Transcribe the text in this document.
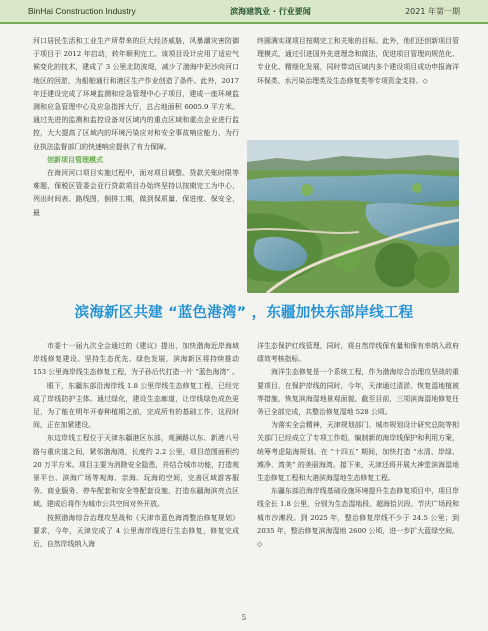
BinHai Construction Industry	滨海建筑业 · 行业要闻	2021 年第一期

河口居民生活和工业生产所带来的巨大经济威胁，风暴潮灾害防御于项目于 2012 年启动，转年顺利完工。该项目设计应用了适应气候变化的技术，建成了 3 公里北防波堤，减少了渤海中泥沙向河口地区的回淤，为船舶通行和港区生产作业创造了条件。此外，2017 年还建设完成了环境监测和应急管理中心子项目，建成一座环境监测和应急管理中心及应急指挥大厅，总占地面积 6005.9 平方米。通过先进的监测和监控设备对区域内的重点区域和重点企业进行监控，大大提高了区域内的环境污染应对和安全事故响应能力，为行业执法监督部门的快速响应提供了有力保障。

创新项目管理模式

在海河河口项目实施过程中，面对项目调整、贷款关账时限等难题，保税区管委会亚行贷款项目办始终坚持以按期完工为中心，列出时间表、路线图，倒排工期，做到保质量、保进度、保安全，最

终圆满实现项目按期完工和关账的目标。此外，他们还创新项目管理模式，通过引进国外先进理念和做法，促进项目管理向规范化、专业化、精细化发展，同时带动区域内多个建设项目成功申报海洋环保类、水污染治理类及生态修复类等专项资金支持。◇

滨海新区共建 “蓝色港湾” ，东疆加快东部岸线工程

市委十一届九次全会通过的《建议》提出，加快渤海近岸海域岸线修复建设。坚持生态优先、绿色发展，滨海新区将持续推动 153 公里海岸线生态修复工程，为子孙后代打造一片 “蓝色海湾” 。

眼下，东疆东部沿海岸线 1.8 公里岸线生态修复工程，已经完成了岸线防护主体。通过绿化，建设生态廊道，让岸线绿色成色更足，为了能在明年开春种植期之前，完成所有的基础工作，这段时间，正在加紧建设。

东边岸线工程位于天津东疆港区东部，观澜路以东、新港八号路与重庆道之间，紧邻渤海湾，长度约 2.2 公里，项目范围面积约 20 万平方米。项目主要为消除安全隐患，并结合城市功能，打造观景平台、滨海广场等观海、亲海、玩海的空间，完善区域游客服务、商业服务、停车配套和安全等配套设施，打造东疆海滨亮点区域。建成后将作为城市公共空间对外开放。

按照渤海综合治理攻坚战和《天津市蓝色海湾整治修复规划》要求，今年，天津完成了 4 公里海岸线进行生态修复，修复完成后，自然岸线纳入海

洋生态保护红线管理，同时，将自然岸线保有量和保有率纳入政府绩效考核指标。

海洋生态修复是一个系统工程，作为渤海综合治理攻坚战的重要项目，在保护岸线的同时，今年，天津通过清淤、恢复湿地植被等措施，恢复滨海湿地景观面貌。截至目前，三项滨海湿地修复任务已全部完成，共整治修复湿地 528 公顷。

为落实全会精神，天津规划部门、城市规划设计研究总院等相关部门已经成立了专项工作组，编制新的海岸线保护和利用方案，统筹考虑陆海规划。在 “十四五” 期间，加快打造 “水清、岸绿、滩净、湾美” 的美丽海湾。接下来，天津还将开展大神堂滨海湿地生态修复工程和大港滨海湿地生态修复工程。

东疆东部沿海岸线基础设施环境提升生态修复项目中，项目岸线全长 1.8 公里，分别为生态湿地段、超海拾贝段、节庆广场段和城市沙滩段。到 2025 年，整治修复岸线不少于 24.5 公里；到 2035 年，整治修复滨海湿地 2600 公顷，进一步扩大蓝绿空间。◇

5
